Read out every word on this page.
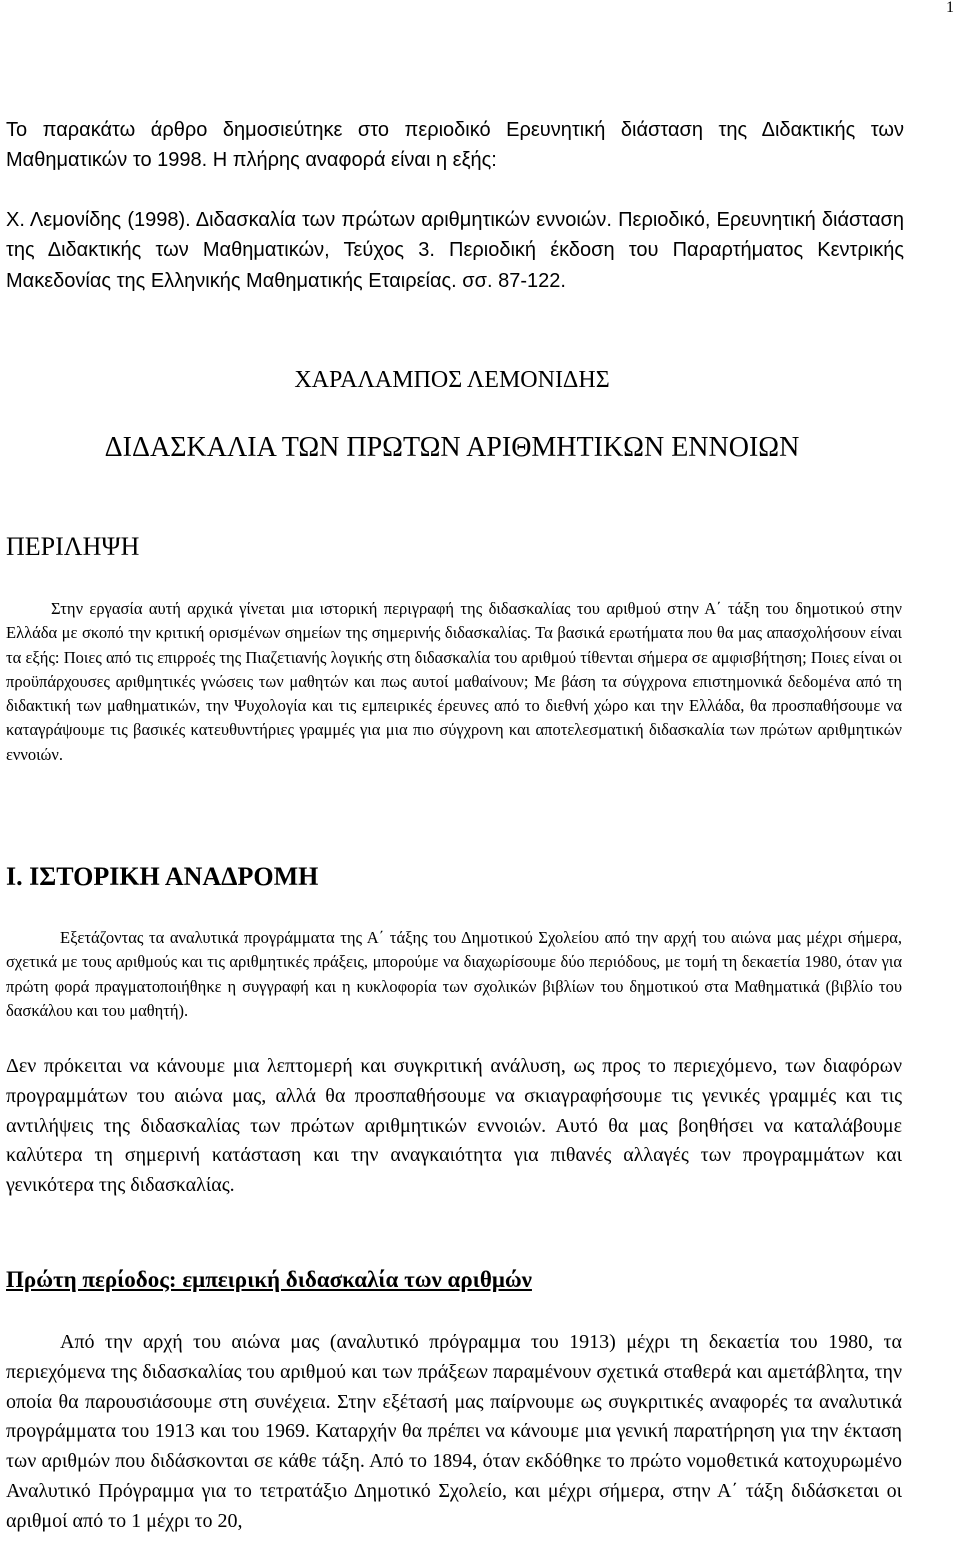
1

Το παρακάτω άρθρο δημοσιεύτηκε στο περιοδικό Ερευνητική διάσταση της Διδακτικής των Μαθηματικών το 1998. Η πλήρης αναφορά είναι η εξής:

Χ. Λεμονίδης (1998). Διδασκαλία των πρώτων αριθμητικών εννοιών. Περιοδικό, Ερευνητική διάσταση της Διδακτικής των Μαθηματικών, Τεύχος 3. Περιοδική έκδοση του Παραρτήματος Κεντρικής Μακεδονίας της Ελληνικής Μαθηματικής Εταιρείας. σσ. 87-122.

ΧΑΡΑΛΑΜΠΟΣ ΛΕΜΟΝΙΔΗΣ
ΔΙΔΑΣΚΑΛΙΑ ΤΩΝ ΠΡΩΤΩΝ ΑΡΙΘΜΗΤΙΚΩΝ ΕΝΝΟΙΩΝ
ΠΕΡΙΛΗΨΗ

Στην εργασία αυτή αρχικά γίνεται μια ιστορική περιγραφή της διδασκαλίας του αριθμού στην Α΄ τάξη του δημοτικού στην Ελλάδα με σκοπό την κριτική ορισμένων σημείων της σημερινής διδασκαλίας. Τα βασικά ερωτήματα που θα μας απασχολήσουν είναι τα εξής: Ποιες από τις επιρροές της Πιαζετιανής λογικής στη διδασκαλία του αριθμού τίθενται σήμερα σε αμφισβήτηση; Ποιες είναι οι προϋπάρχουσες αριθμητικές γνώσεις των μαθητών και πως αυτοί μαθαίνουν; Με βάση τα σύγχρονα επιστημονικά δεδομένα από τη διδακτική των μαθηματικών, την Ψυχολογία και τις εμπειρικές έρευνες από το διεθνή χώρο και την Ελλάδα, θα προσπαθήσουμε να καταγράψουμε τις βασικές κατευθυντήριες γραμμές για μια πιο σύγχρονη και αποτελεσματική διδασκαλία των πρώτων αριθμητικών εννοιών.

Ι. ΙΣΤΟΡΙΚΗ ΑΝΑΔΡΟΜΗ

Εξετάζοντας τα αναλυτικά προγράμματα της Α΄ τάξης του Δημοτικού Σχολείου από την αρχή του αιώνα μας μέχρι σήμερα, σχετικά με τους αριθμούς και τις αριθμητικές πράξεις, μπορούμε να διαχωρίσουμε δύο περιόδους, με τομή τη δεκαετία 1980, όταν για πρώτη φορά πραγματοποιήθηκε η συγγραφή και η κυκλοφορία των σχολικών βιβλίων του δημοτικού στα Μαθηματικά (βιβλίο του δασκάλου και του μαθητή).

Δεν πρόκειται να κάνουμε μια λεπτομερή και συγκριτική ανάλυση, ως προς το περιεχόμενο, των διαφόρων προγραμμάτων του αιώνα μας, αλλά θα προσπαθήσουμε να σκιαγραφήσουμε τις γενικές γραμμές και τις αντιλήψεις της διδασκαλίας των πρώτων αριθμητικών εννοιών. Αυτό θα μας βοηθήσει να καταλάβουμε καλύτερα τη σημερινή κατάσταση και την αναγκαιότητα για πιθανές αλλαγές των προγραμμάτων και γενικότερα της διδασκαλίας.

Πρώτη περίοδος: εμπειρική διδασκαλία των αριθμών

Από την αρχή του αιώνα μας (αναλυτικό πρόγραμμα του 1913) μέχρι τη δεκαετία του 1980, τα περιεχόμενα της διδασκαλίας του αριθμού και των πράξεων παραμένουν σχετικά σταθερά και αμετάβλητα, την οποία θα παρουσιάσουμε στη συνέχεια. Στην εξέτασή μας παίρνουμε ως συγκριτικές αναφορές τα αναλυτικά προγράμματα του 1913 και του 1969. Καταρχήν θα πρέπει να κάνουμε μια γενική παρατήρηση για την έκταση των αριθμών που διδάσκονται σε κάθε τάξη. Από το 1894, όταν εκδόθηκε το πρώτο νομοθετικά κατοχυρωμένο Αναλυτικό Πρόγραμμα για το τετρατάξιο Δημοτικό Σχολείο, και μέχρι σήμερα, στην Α΄ τάξη διδάσκεται οι αριθμοί από το 1 μέχρι το 20,
